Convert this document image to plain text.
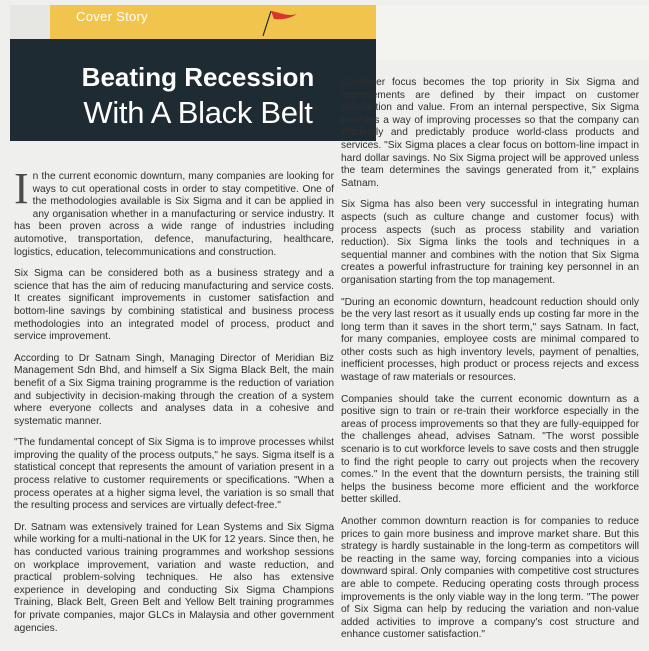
Cover Story
Beating Recession
With A Black Belt

In the current economic downturn, many companies are looking for ways to cut operational costs in order to stay competitive. One of the methodologies available is Six Sigma and it can be applied in any organisation whether in a manufacturing or service industry. It has been proven across a wide range of industries including automotive, transportation, defence, manufacturing, healthcare, logistics, education, telecommunications and construction.

Six Sigma can be considered both as a business strategy and a science that has the aim of reducing manufacturing and service costs. It creates significant improvements in customer satisfaction and bottom-line savings by combining statistical and business process methodologies into an integrated model of process, product and service improvement.

According to Dr Satnam Singh, Managing Director of Meridian Biz Management Sdn Bhd, and himself a Six Sigma Black Belt, the main benefit of a Six Sigma training programme is the reduction of variation and subjectivity in decision-making through the creation of a system where everyone collects and analyses data in a cohesive and systematic manner.

"The fundamental concept of Six Sigma is to improve processes whilst improving the quality of the process outputs," he says. Sigma itself is a statistical concept that represents the amount of variation present in a process relative to customer requirements or specifications. "When a process operates at a higher sigma level, the variation is so small that the resulting process and services are virtually defect-free."

Dr. Satnam was extensively trained for Lean Systems and Six Sigma while working for a multi-national in the UK for 12 years. Since then, he has conducted various training programmes and workshop sessions on workplace improvement, variation and waste reduction, and practical problem-solving techniques. He also has extensive experience in developing and conducting Six Sigma Champions Training, Black Belt, Green Belt and Yellow Belt training programmes for private companies, major GLCs in Malaysia and other government agencies.

Customer focus becomes the top priority in Six Sigma and improvements are defined by their impact on customer satisfaction and value. From an internal perspective, Six Sigma provides a way of improving processes so that the company can efficiently and predictably produce world-class products and services. "Six Sigma places a clear focus on bottom-line impact in hard dollar savings. No Six Sigma project will be approved unless the team determines the savings generated from it," explains Satnam.

Six Sigma has also been very successful in integrating human aspects (such as culture change and customer focus) with process aspects (such as process stability and variation reduction). Six Sigma links the tools and techniques in a sequential manner and combines with the notion that Six Sigma creates a powerful infrastructure for training key personnel in an organisation starting from the top management.

"During an economic downturn, headcount reduction should only be the very last resort as it usually ends up costing far more in the long term than it saves in the short term," says Satnam. In fact, for many companies, employee costs are minimal compared to other costs such as high inventory levels, payment of penalties, inefficient processes, high product or process rejects and excess wastage of raw materials or resources.

Companies should take the current economic downturn as a positive sign to train or re-train their workforce especially in the areas of process improvements so that they are fully-equipped for the challenges ahead, advises Satnam. "The worst possible scenario is to cut workforce levels to save costs and then struggle to find the right people to carry out projects when the recovery comes." In the event that the downturn persists, the training still helps the business become more efficient and the workforce better skilled.

Another common downturn reaction is for companies to reduce prices to gain more business and improve market share. But this strategy is hardly sustainable in the long-term as competitors will be reacting in the same way, forcing companies into a vicious downward spiral. Only companies with competitive cost structures are able to compete. Reducing operating costs through process improvements is the only viable way in the long term. "The power of Six Sigma can help by reducing the variation and non-value added activities to improve a company's cost structure and enhance customer satisfaction."
